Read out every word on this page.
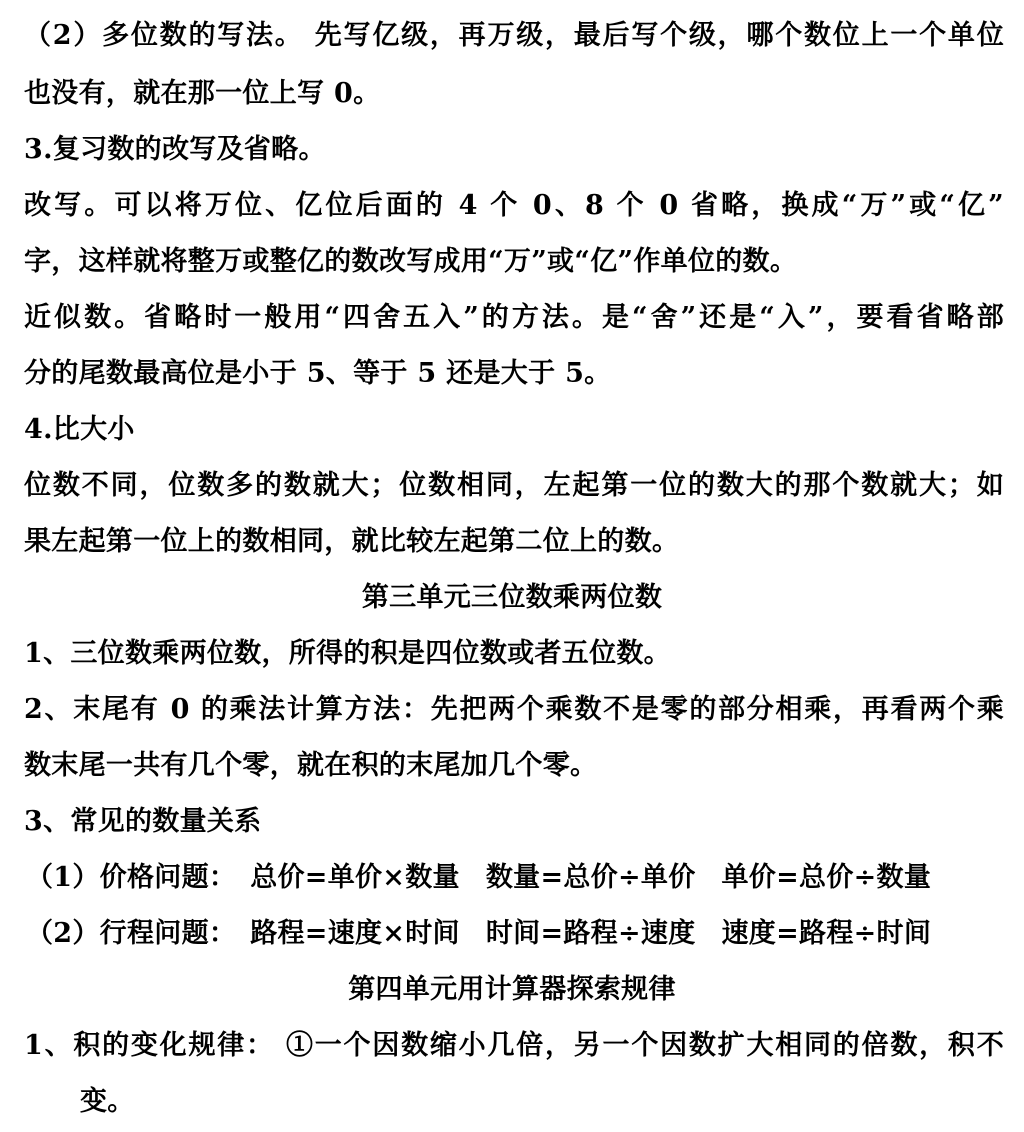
（2）多位数的写法。 先写亿级，再万级，最后写个级，哪个数位上一个单位
也没有，就在那一位上写 0。
3.复习数的改写及省略。
改写。可以将万位、亿位后面的 4 个 0、8 个 0 省略，换成“万”或“亿”
字，这样就将整万或整亿的数改写成用“万”或“亿”作单位的数。
近似数。省略时一般用“四舍五入”的方法。是“舍”还是“入”，要看省略部
分的尾数最高位是小于 5、等于 5 还是大于 5。
4.比大小
位数不同，位数多的数就大；位数相同，左起第一位的数大的那个数就大；如
果左起第一位上的数相同，就比较左起第二位上的数。
第三单元三位数乘两位数
1、三位数乘两位数，所得的积是四位数或者五位数。
2、末尾有 0 的乘法计算方法：先把两个乘数不是零的部分相乘，再看两个乘
数末尾一共有几个零，就在积的末尾加几个零。
3、常见的数量关系
（1）价格问题： 总价=单价×数量 数量=总价÷单价 单价=总价÷数量
（2）行程问题： 路程=速度×时间 时间=路程÷速度 速度=路程÷时间
第四单元用计算器探索规律
1、积的变化规律： ①一个因数缩小几倍，另一个因数扩大相同的倍数，积不
变。
